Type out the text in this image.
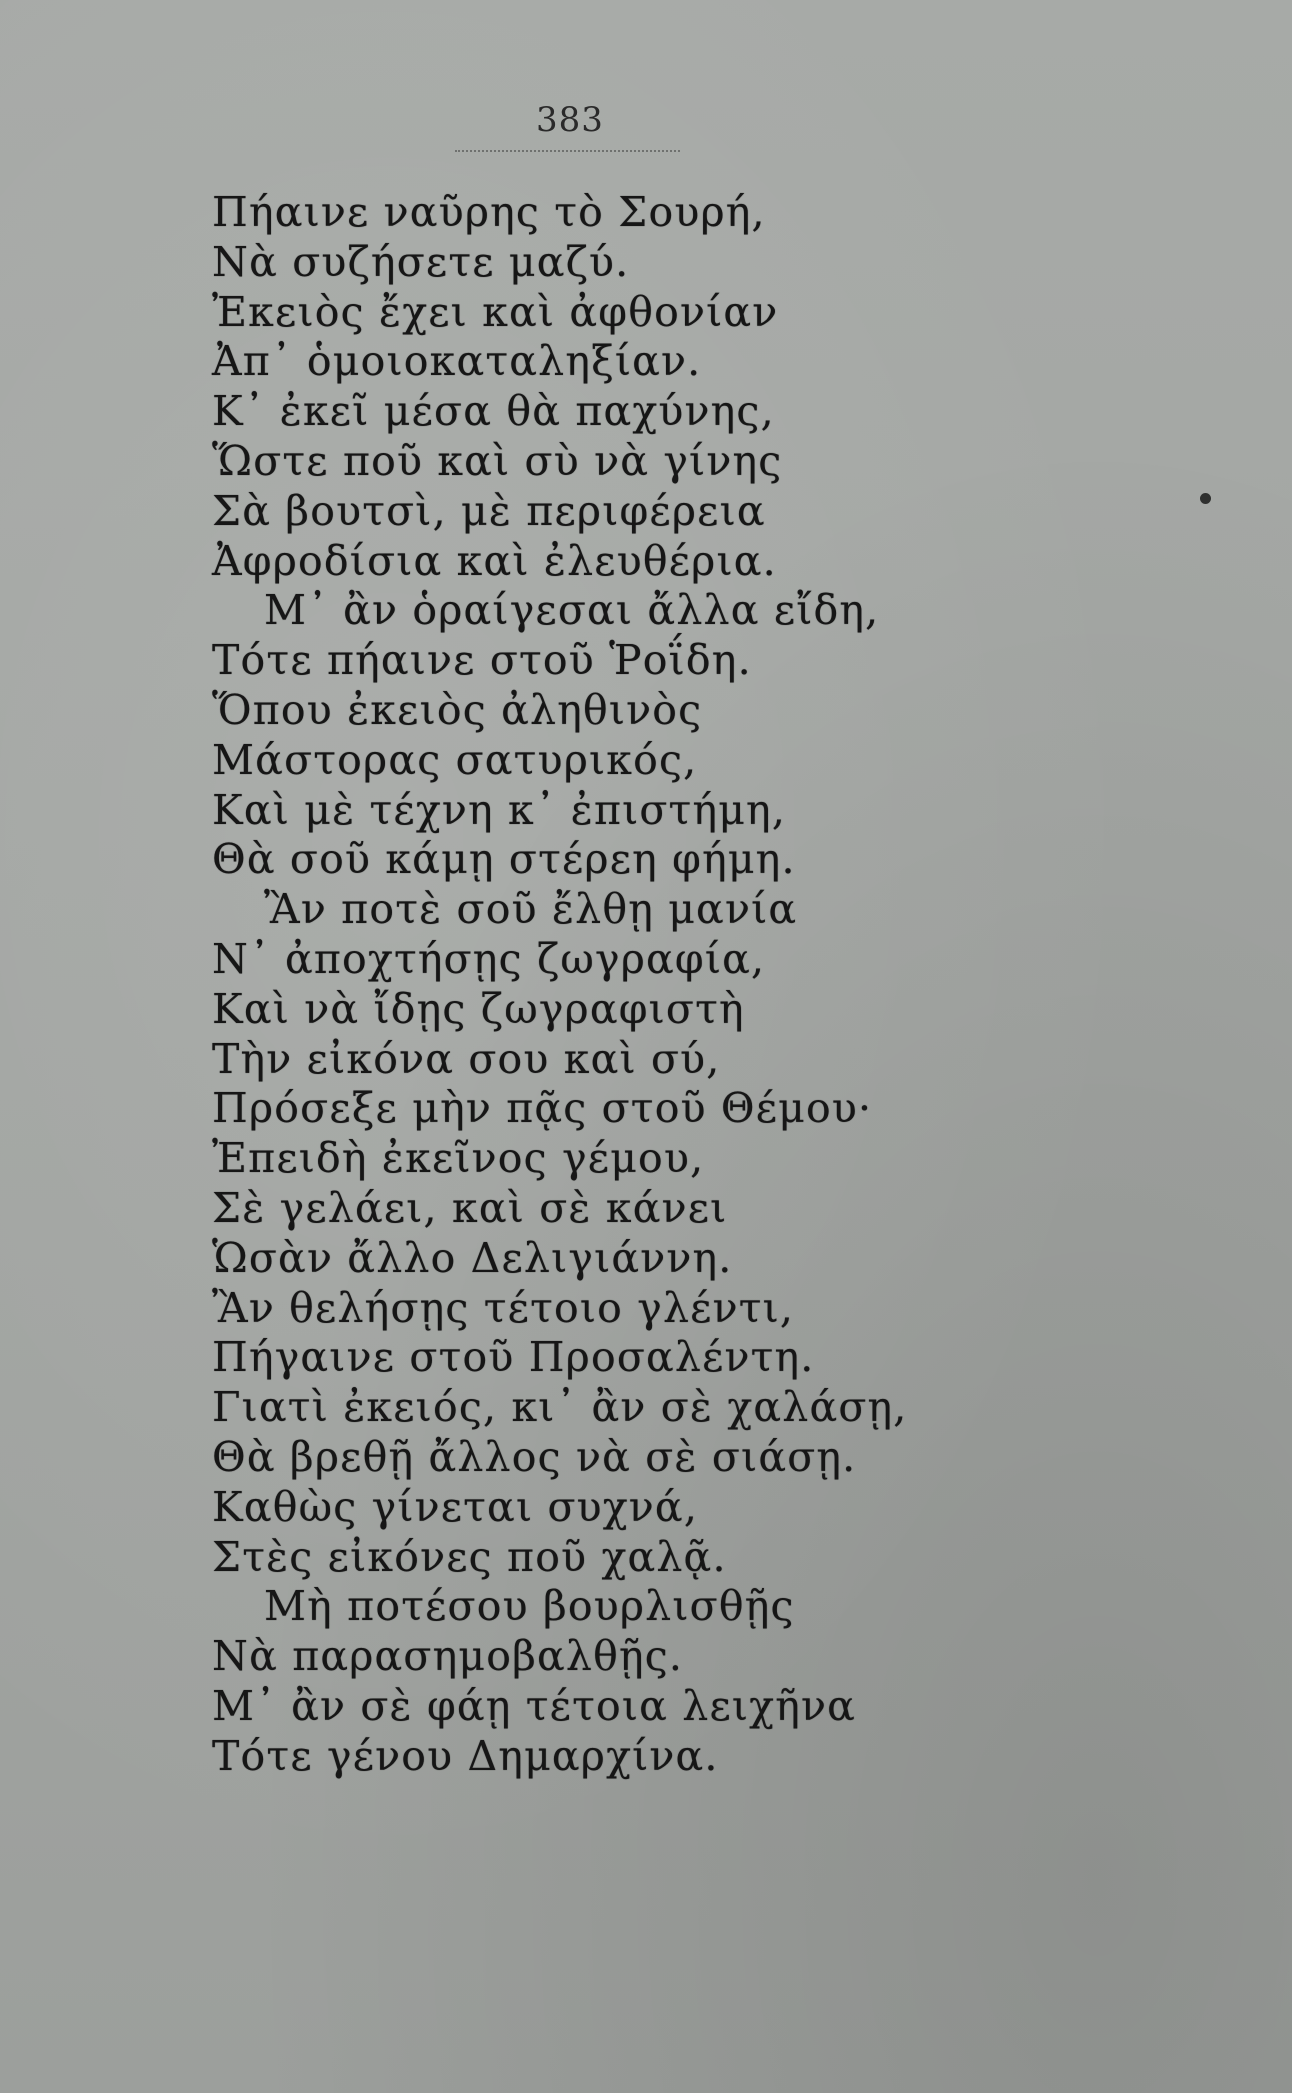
383
Πήαινε ναῦρης τὸ Σουρή,
Νὰ συζήσετε μαζύ.
Ἐκειὸς ἔχει καὶ ἀφθονίαν
Ἀπ᾽ ὁμοιοκαταληξίαν.
Κ᾽ ἐκεῖ μέσα θὰ παχύνης,
Ὥστε ποῦ καὶ σὺ νὰ γίνης
Σὰ βουτσὶ, μὲ περιφέρεια
Ἀφροδίσια καὶ ἐλευθέρια.
Μ᾽ ἂν ὁραίγεσαι ἄλλα εἴδη,
Τότε πήαινε στοῦ Ῥοΐδη.
Ὅπου ἐκειὸς ἀληθινὸς
Μάστορας σατυρικός,
Καὶ μὲ τέχνη κ᾽ ἐπιστήμη,
Θὰ σοῦ κάμῃ στέρεη φήμη.
Ἂν ποτὲ σοῦ ἔλθῃ μανία
Ν᾽ ἀποχτήσῃς ζωγραφία,
Καὶ νὰ ἴδῃς ζωγραφιστὴ
Τὴν εἰκόνα σου καὶ σύ,
Πρόσεξε μὴν πᾷς στοῦ Θέμου·
Ἐπειδὴ ἐκεῖνος γέμου,
Σὲ γελάει, καὶ σὲ κάνει
Ὡσὰν ἄλλο Δελιγιάννη.
Ἂν θελήσῃς τέτοιο γλέντι,
Πήγαινε στοῦ Προσαλέντη.
Γιατὶ ἐκειός, κι᾽ ἂν σὲ χαλάσῃ,
Θὰ βρεθῇ ἄλλος νὰ σὲ σιάσῃ.
Καθὼς γίνεται συχνά,
Στὲς εἰκόνες ποῦ χαλᾷ.
Μὴ ποτέσου βουρλισθῇς
Νὰ παρασημοβαλθῇς.
Μ᾽ ἂν σὲ φάῃ τέτοια λειχῆνα
Τότε γένου Δημαρχίνα.
